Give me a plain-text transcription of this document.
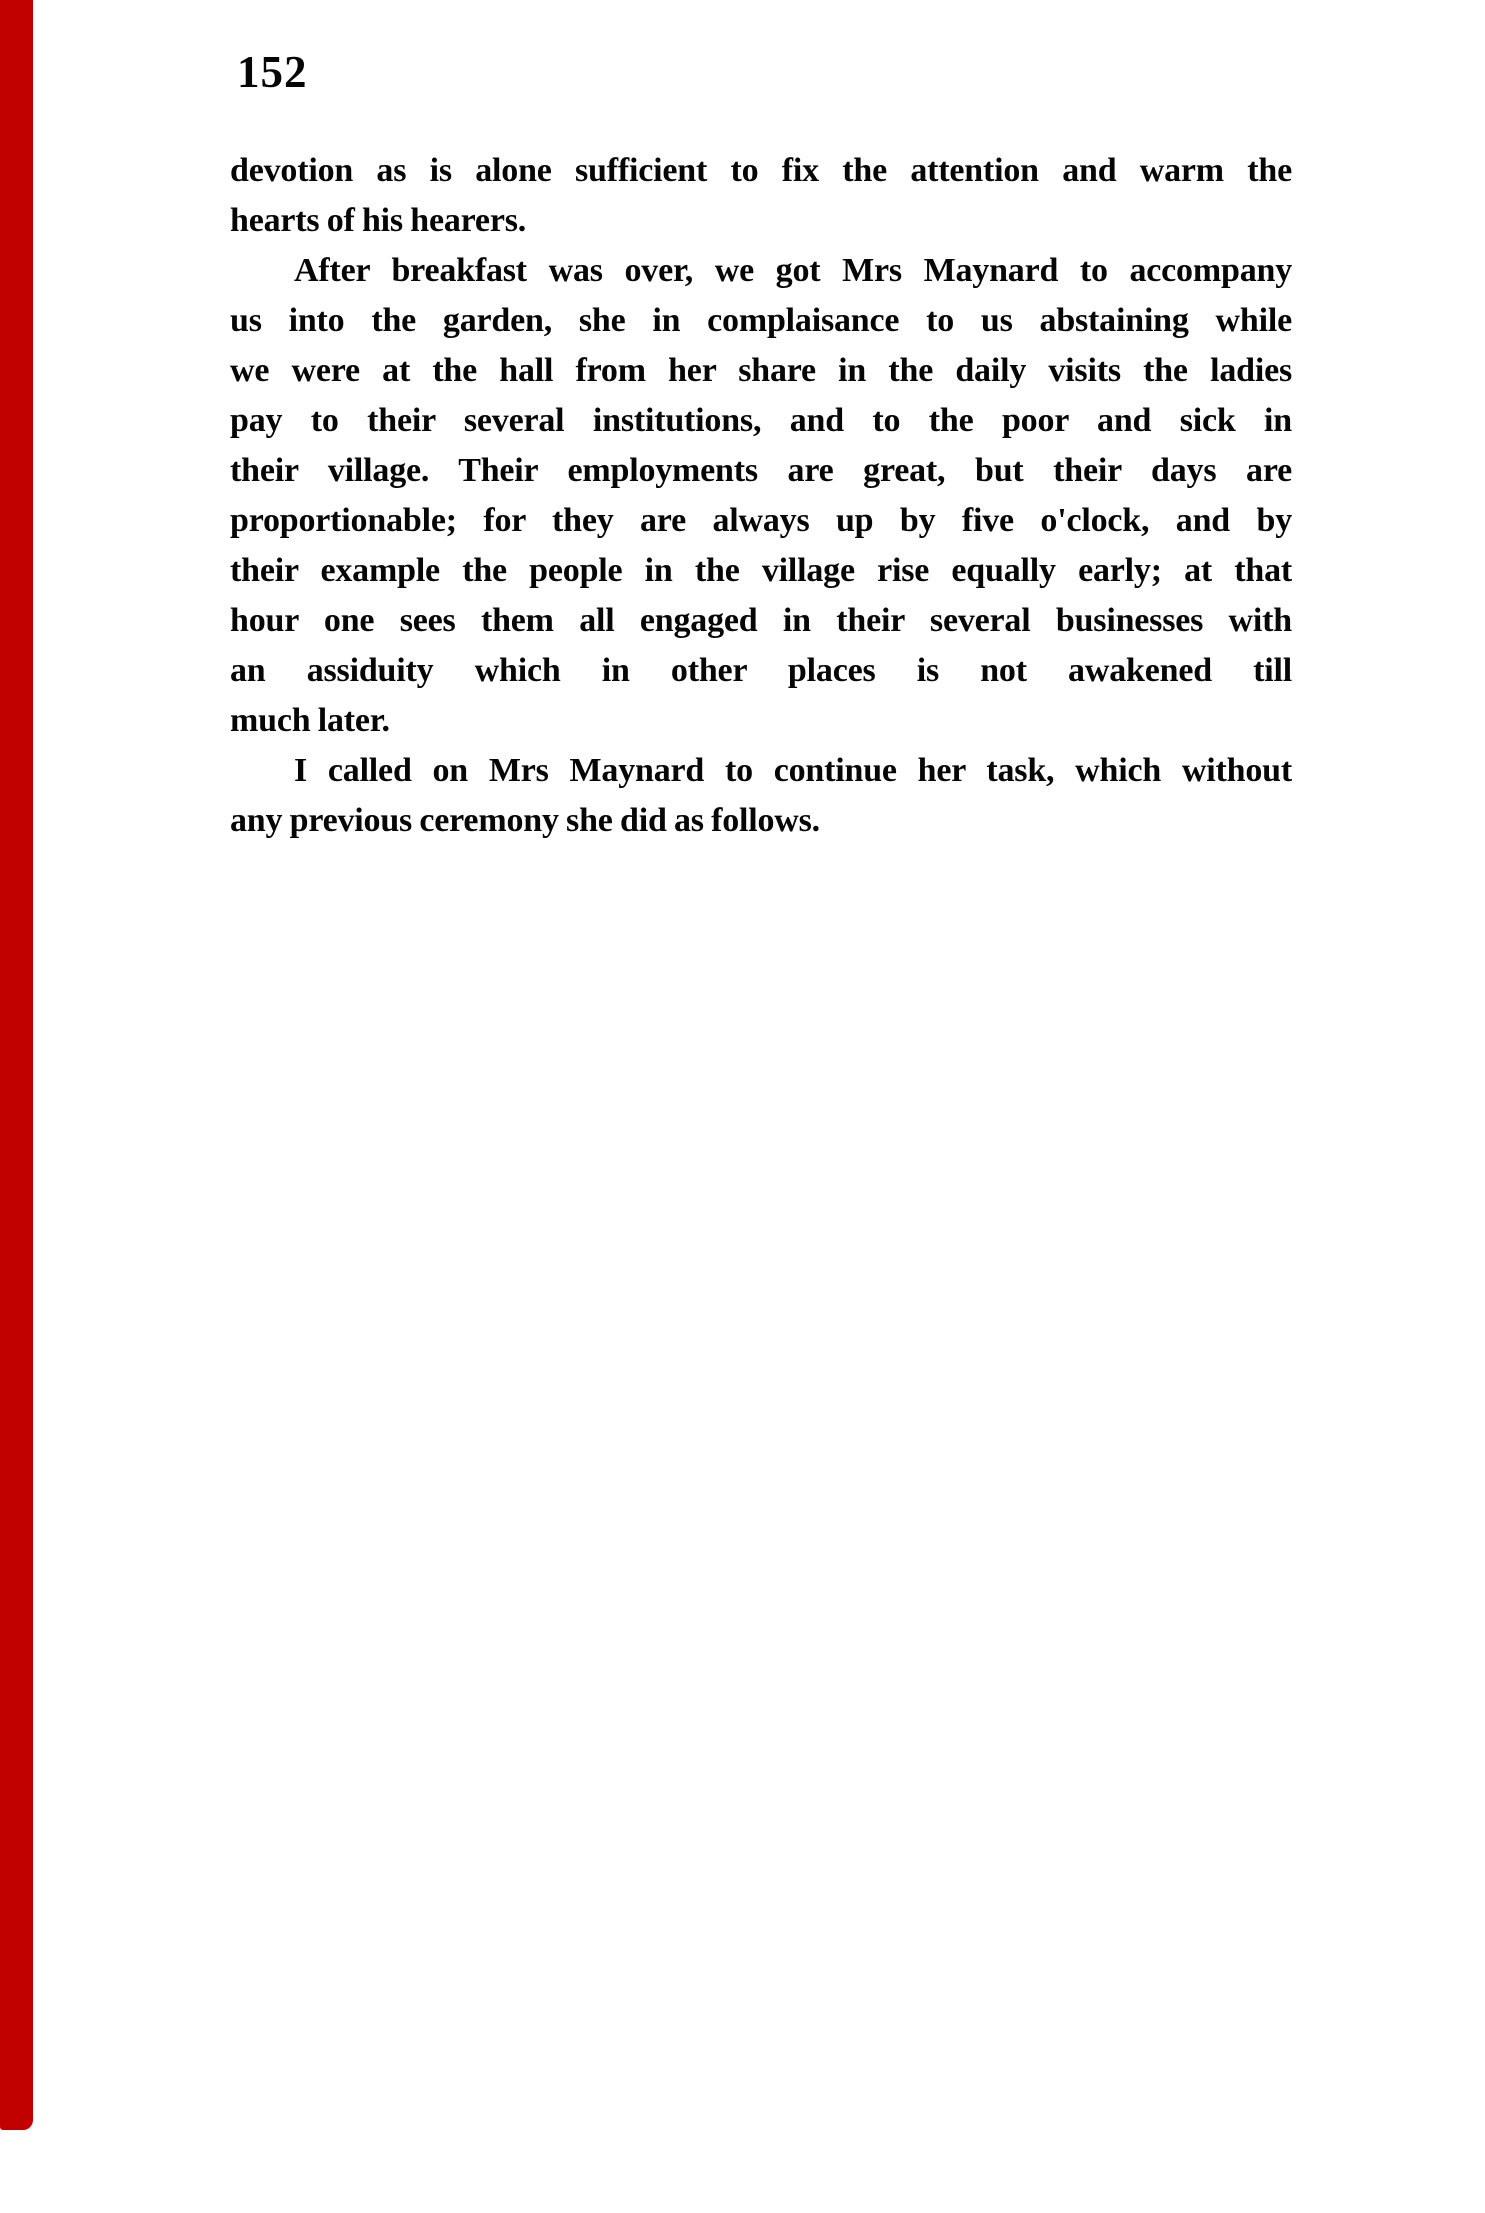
152
devotion as is alone sufficient to fix the attention and warm the
hearts of his hearers.
After breakfast was over, we got Mrs Maynard to accompany
us into the garden, she in complaisance to us abstaining while
we were at the hall from her share in the daily visits the ladies
pay to their several institutions, and to the poor and sick in
their village. Their employments are great, but their days are
proportionable; for they are always up by five o'clock, and by
their example the people in the village rise equally early; at that
hour one sees them all engaged in their several businesses with
an assiduity which in other places is not awakened till
much later.
I called on Mrs Maynard to continue her task, which without
any previous ceremony she did as follows.
